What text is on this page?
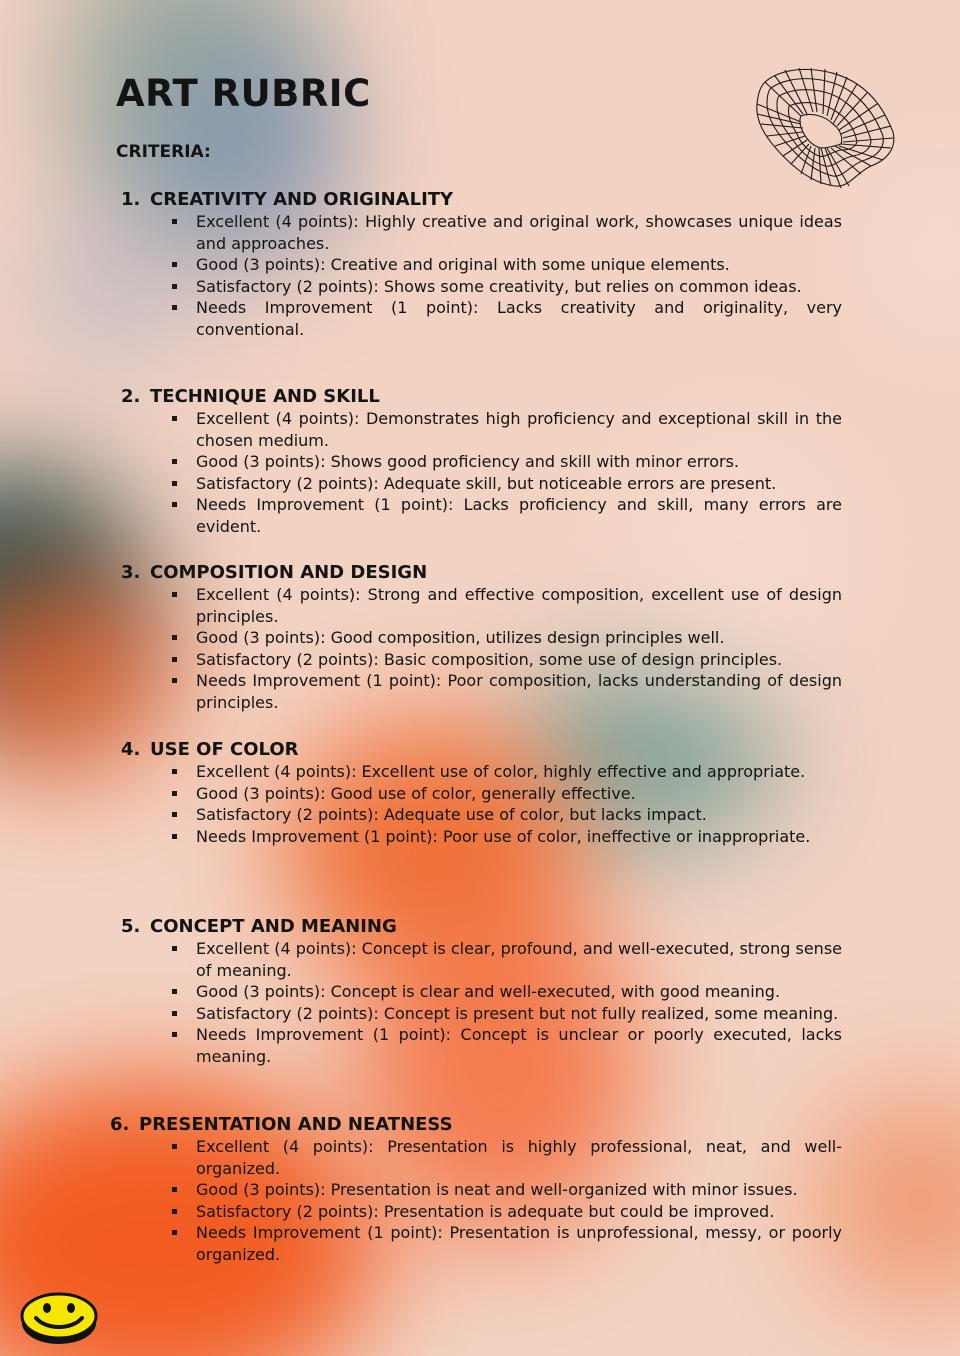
ART RUBRIC
CRITERIA:
1. CREATIVITY AND ORIGINALITY
Excellent (4 points): Highly creative and original work, showcases unique ideas and approaches.
Good (3 points): Creative and original with some unique elements.
Satisfactory (2 points): Shows some creativity, but relies on common ideas.
Needs Improvement (1 point): Lacks creativity and originality, very conventional.
2. TECHNIQUE AND SKILL
Excellent (4 points): Demonstrates high proficiency and exceptional skill in the chosen medium.
Good (3 points): Shows good proficiency and skill with minor errors.
Satisfactory (2 points): Adequate skill, but noticeable errors are present.
Needs Improvement (1 point): Lacks proficiency and skill, many errors are evident.
3. COMPOSITION AND DESIGN
Excellent (4 points): Strong and effective composition, excellent use of design principles.
Good (3 points): Good composition, utilizes design principles well.
Satisfactory (2 points): Basic composition, some use of design principles.
Needs Improvement (1 point): Poor composition, lacks understanding of design principles.
4. USE OF COLOR
Excellent (4 points): Excellent use of color, highly effective and appropriate.
Good (3 points): Good use of color, generally effective.
Satisfactory (2 points): Adequate use of color, but lacks impact.
Needs Improvement (1 point): Poor use of color, ineffective or inappropriate.
5. CONCEPT AND MEANING
Excellent (4 points): Concept is clear, profound, and well-executed, strong sense of meaning.
Good (3 points): Concept is clear and well-executed, with good meaning.
Satisfactory (2 points): Concept is present but not fully realized, some meaning.
Needs Improvement (1 point): Concept is unclear or poorly executed, lacks meaning.
6. PRESENTATION AND NEATNESS
Excellent (4 points): Presentation is highly professional, neat, and well-organized.
Good (3 points): Presentation is neat and well-organized with minor issues.
Satisfactory (2 points): Presentation is adequate but could be improved.
Needs Improvement (1 point): Presentation is unprofessional, messy, or poorly organized.
